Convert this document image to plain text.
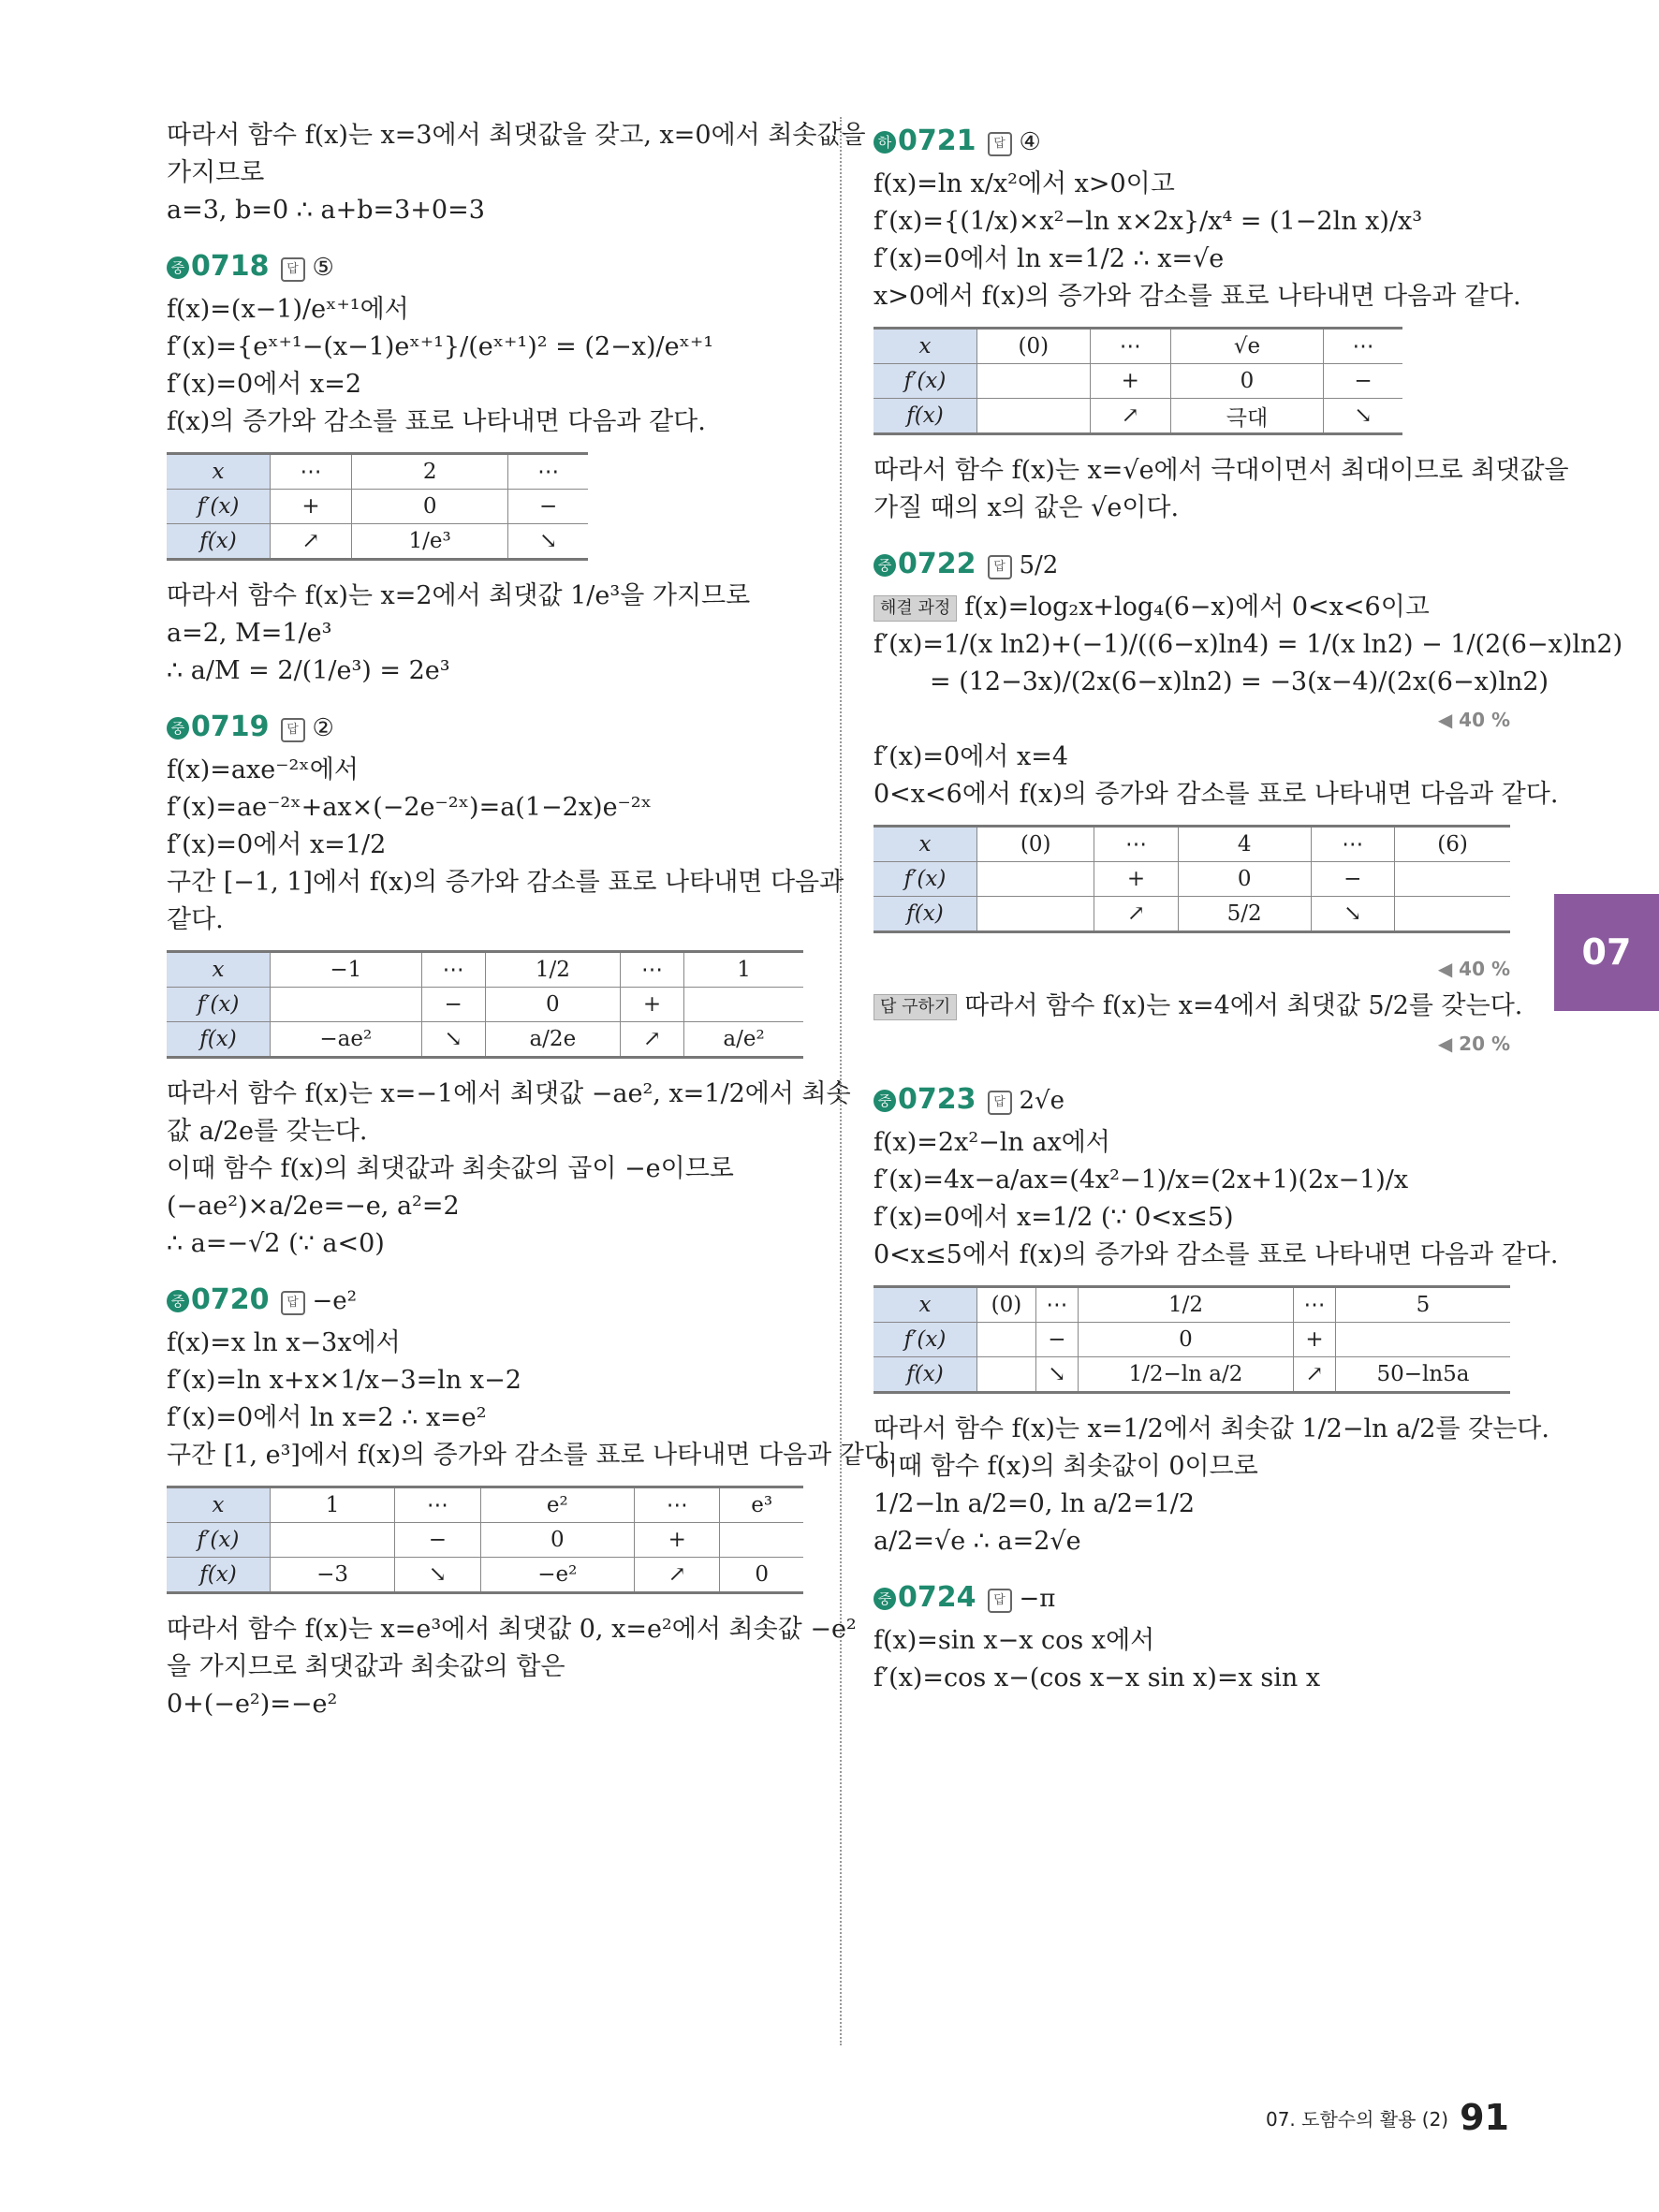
따라서 함수 f(x)는 x=3에서 최댓값을 갖고, x=0에서 최솟값을
가지므로
a=3, b=0 ∴ a+b=3+0=3
중 0718 답 ⑤
f(x)=(x−1)/eˣ⁺¹에서
f′(x)={eˣ⁺¹−(x−1)eˣ⁺¹}/(eˣ⁺¹)² = (2−x)/eˣ⁺¹
f′(x)=0에서 x=2
f(x)의 증가와 감소를 표로 나타내면 다음과 같다.
x	⋯	2	⋯
f′(x)	+	0	−
f(x)	↗	1/e³	↘
따라서 함수 f(x)는 x=2에서 최댓값 1/e³을 가지므로
a=2, M=1/e³
∴ a/M = 2/(1/e³) = 2e³
중 0719 답 ②
f(x)=axe⁻²ˣ에서
f′(x)=ae⁻²ˣ+ax×(−2e⁻²ˣ)=a(1−2x)e⁻²ˣ
f′(x)=0에서 x=1/2
구간 [−1, 1]에서 f(x)의 증가와 감소를 표로 나타내면 다음과
같다.
x	−1	⋯	1/2	⋯	1
f′(x)		−	0	+	
f(x)	−ae²	↘	a/2e	↗	a/e²
따라서 함수 f(x)는 x=−1에서 최댓값 −ae², x=1/2에서 최솟
값 a/2e를 갖는다.
이때 함수 f(x)의 최댓값과 최솟값의 곱이 −e이므로
(−ae²)×a/2e=−e, a²=2
∴ a=−√2 (∵ a<0)
중 0720 답 −e²
f(x)=x ln x−3x에서
f′(x)=ln x+x×1/x−3=ln x−2
f′(x)=0에서 ln x=2 ∴ x=e²
구간 [1, e³]에서 f(x)의 증가와 감소를 표로 나타내면 다음과 같다.
x	1	⋯	e²	⋯	e³
f′(x)		−	0	+	
f(x)	−3	↘	−e²	↗	0
따라서 함수 f(x)는 x=e³에서 최댓값 0, x=e²에서 최솟값 −e²
을 가지므로 최댓값과 최솟값의 합은
0+(−e²)=−e²
하 0721 답 ④
f(x)=ln x/x²에서 x>0이고
f′(x)={(1/x)×x²−ln x×2x}/x⁴ = (1−2ln x)/x³
f′(x)=0에서 ln x=1/2 ∴ x=√e
x>0에서 f(x)의 증가와 감소를 표로 나타내면 다음과 같다.
x	(0)	⋯	√e	⋯
f′(x)		+	0	−
f(x)		↗	극대	↘
따라서 함수 f(x)는 x=√e에서 극대이면서 최대이므로 최댓값을
가질 때의 x의 값은 √e이다.
중 0722 답 5/2
해결 과정 f(x)=log₂x+log₄(6−x)에서 0<x<6이고
f′(x)=1/(x ln2)+(−1)/((6−x)ln4) = 1/(x ln2) − 1/(2(6−x)ln2)
= (12−3x)/(2x(6−x)ln2) = −3(x−4)/(2x(6−x)ln2)
◀ 40 %
f′(x)=0에서 x=4
0<x<6에서 f(x)의 증가와 감소를 표로 나타내면 다음과 같다.
x	(0)	⋯	4	⋯	(6)
f′(x)		+	0	−	
f(x)		↗	5/2	↘	
◀ 40 %
답 구하기 따라서 함수 f(x)는 x=4에서 최댓값 5/2를 갖는다.
◀ 20 %
중 0723 답 2√e
f(x)=2x²−ln ax에서
f′(x)=4x−a/ax=(4x²−1)/x=(2x+1)(2x−1)/x
f′(x)=0에서 x=1/2 (∵ 0<x≤5)
0<x≤5에서 f(x)의 증가와 감소를 표로 나타내면 다음과 같다.
x	(0)	⋯	1/2	⋯	5
f′(x)		−	0	+	
f(x)		↘	1/2−ln a/2	↗	50−ln5a
따라서 함수 f(x)는 x=1/2에서 최솟값 1/2−ln a/2를 갖는다.
이때 함수 f(x)의 최솟값이 0이므로
1/2−ln a/2=0, ln a/2=1/2
a/2=√e ∴ a=2√e
중 0724 답 −π
f(x)=sin x−x cos x에서
f′(x)=cos x−(cos x−x sin x)=x sin x
07
07. 도함수의 활용 (2) 91
